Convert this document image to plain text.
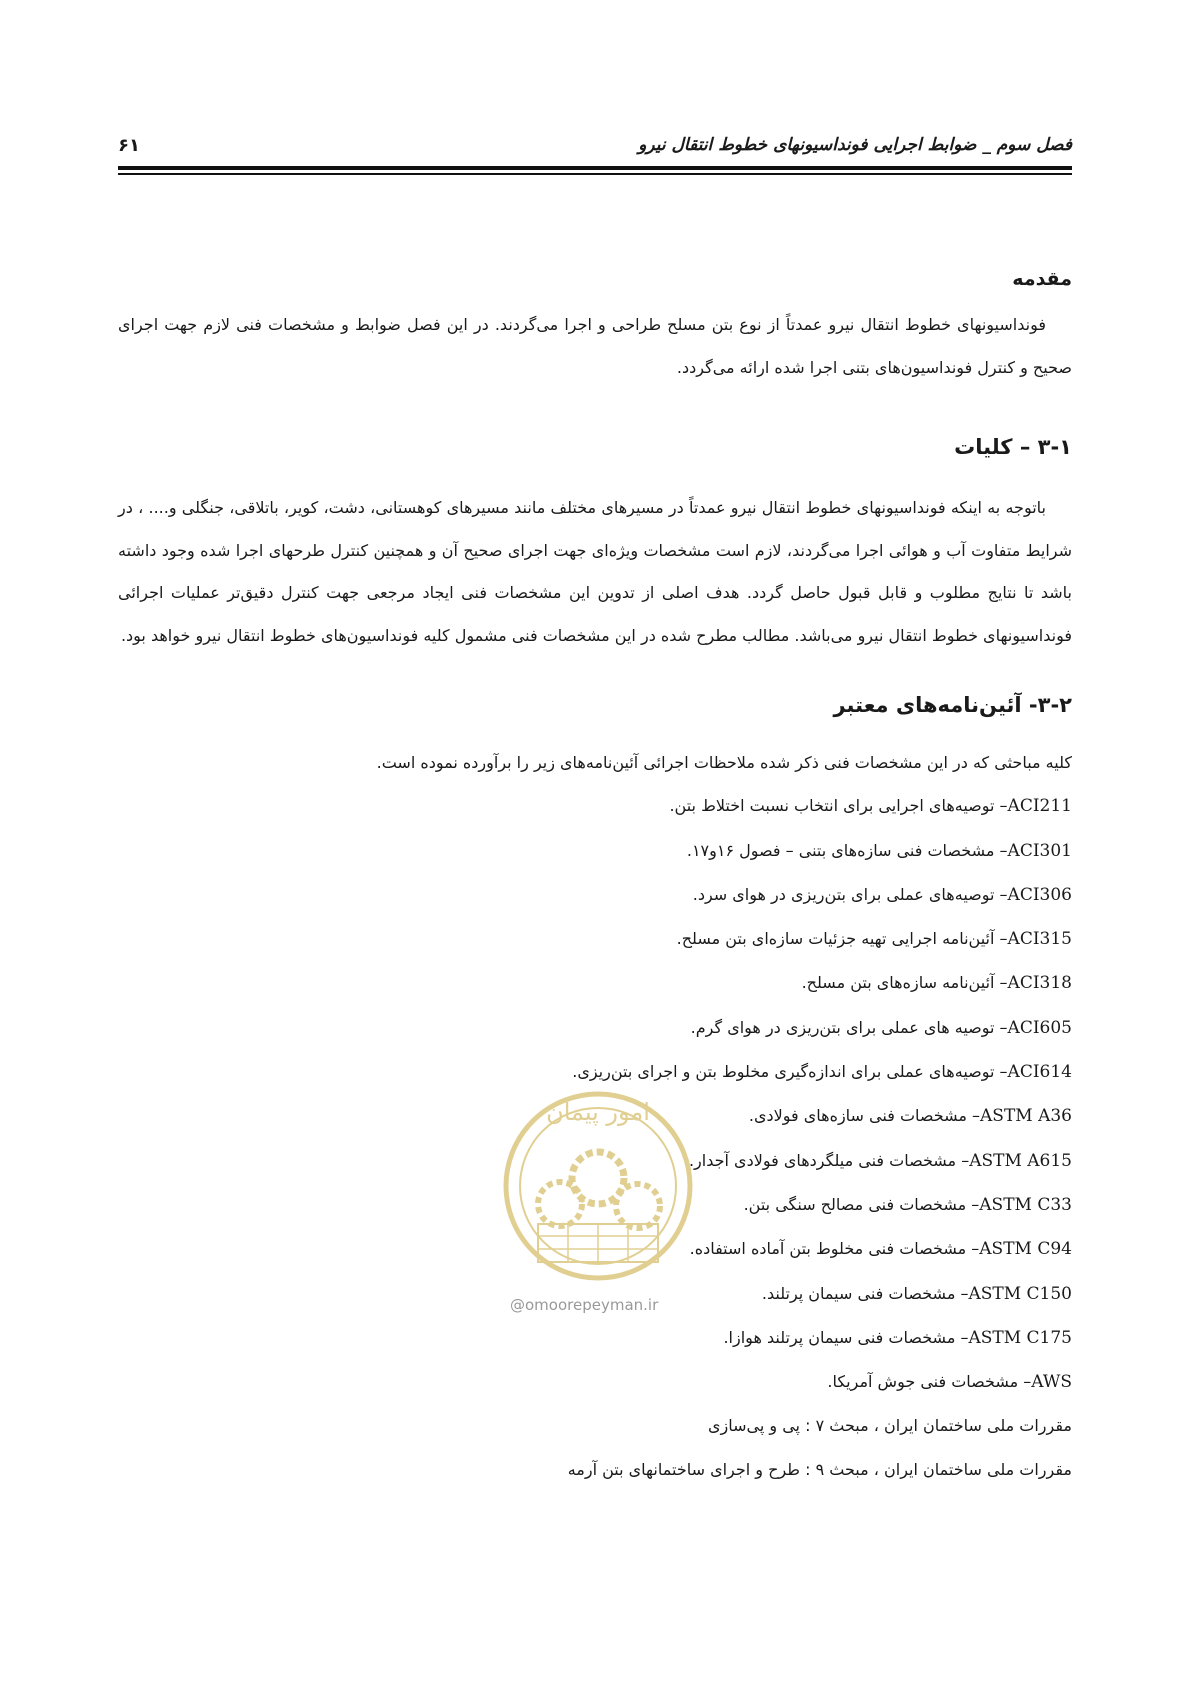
فصل سوم _ ضوابط اجرایی فونداسیونهای خطوط انتقال نیرو
۶۱
مقدمه

فونداسیونهای خطوط انتقال نیرو عمدتاً از نوع بتن مسلح طراحی و اجرا می‌گردند. در این فصل ضوابط و مشخصات فنی لازم جهت اجرای صحیح و کنترل فونداسیون‌های بتنی اجرا شده ارائه می‌گردد.

۳-۱ – کلیات

باتوجه به اینکه فونداسیونهای خطوط انتقال نیرو عمدتاً در مسیرهای مختلف مانند مسیرهای کوهستانی، دشت، کویر، باتلاقی، جنگلی و.... ، در شرایط متفاوت آب و هوائی اجرا می‌گردند، لازم است مشخصات ویژه‌ای جهت اجرای صحیح آن و همچنین کنترل طرحهای اجرا شده وجود داشته باشد تا نتایج مطلوب و قابل قبول حاصل گردد. هدف اصلی از تدوین این مشخصات فنی ایجاد مرجعی جهت کنترل دقیق‌تر عملیات اجرائی فونداسیونهای خطوط انتقال نیرو می‌باشد. مطالب مطرح شده در این مشخصات فنی مشمول کلیه فونداسیون‌های خطوط انتقال نیرو خواهد بود.

۳-۲- آئین‌نامه‌های معتبر

کلیه مباحثی که در این مشخصات فنی ذکر شده ملاحظات اجرائی آئین‌نامه‌های زیر را برآورده نموده است.

ACI211– توصیه‌های اجرایی برای انتخاب نسبت اختلاط بتن.
ACI301– مشخصات فنی سازه‌های بتنی – فصول ۱۶و۱۷.
ACI306– توصیه‌های عملی برای بتن‌ریزی در هوای سرد.
ACI315– آئین‌نامه اجرایی تهیه جزئیات سازه‌ای بتن مسلح.
ACI318– آئین‌نامه سازه‌های بتن مسلح.
ACI605– توصیه های عملی برای بتن‌ریزی در هوای گرم.
ACI614– توصیه‌های عملی برای اندازه‌گیری مخلوط بتن و اجرای بتن‌ریزی.
ASTM A36– مشخصات فنی سازه‌های فولادی.
ASTM A615– مشخصات فنی میلگردهای فولادی آجدار.
ASTM C33– مشخصات فنی مصالح سنگی بتن.
ASTM C94– مشخصات فنی مخلوط بتن آماده استفاده.
ASTM C150– مشخصات فنی سیمان پرتلند.
ASTM C175– مشخصات فنی سیمان پرتلند هوازا.
AWS– مشخصات فنی جوش آمریکا.
مقررات ملی ساختمان ایران ، مبحث ۷ : پی و پی‌سازی
مقررات ملی ساختمان ایران ، مبحث ۹ : طرح و اجرای ساختمانهای بتن آرمه
امور پیمان
@omoorepeyman.ir
